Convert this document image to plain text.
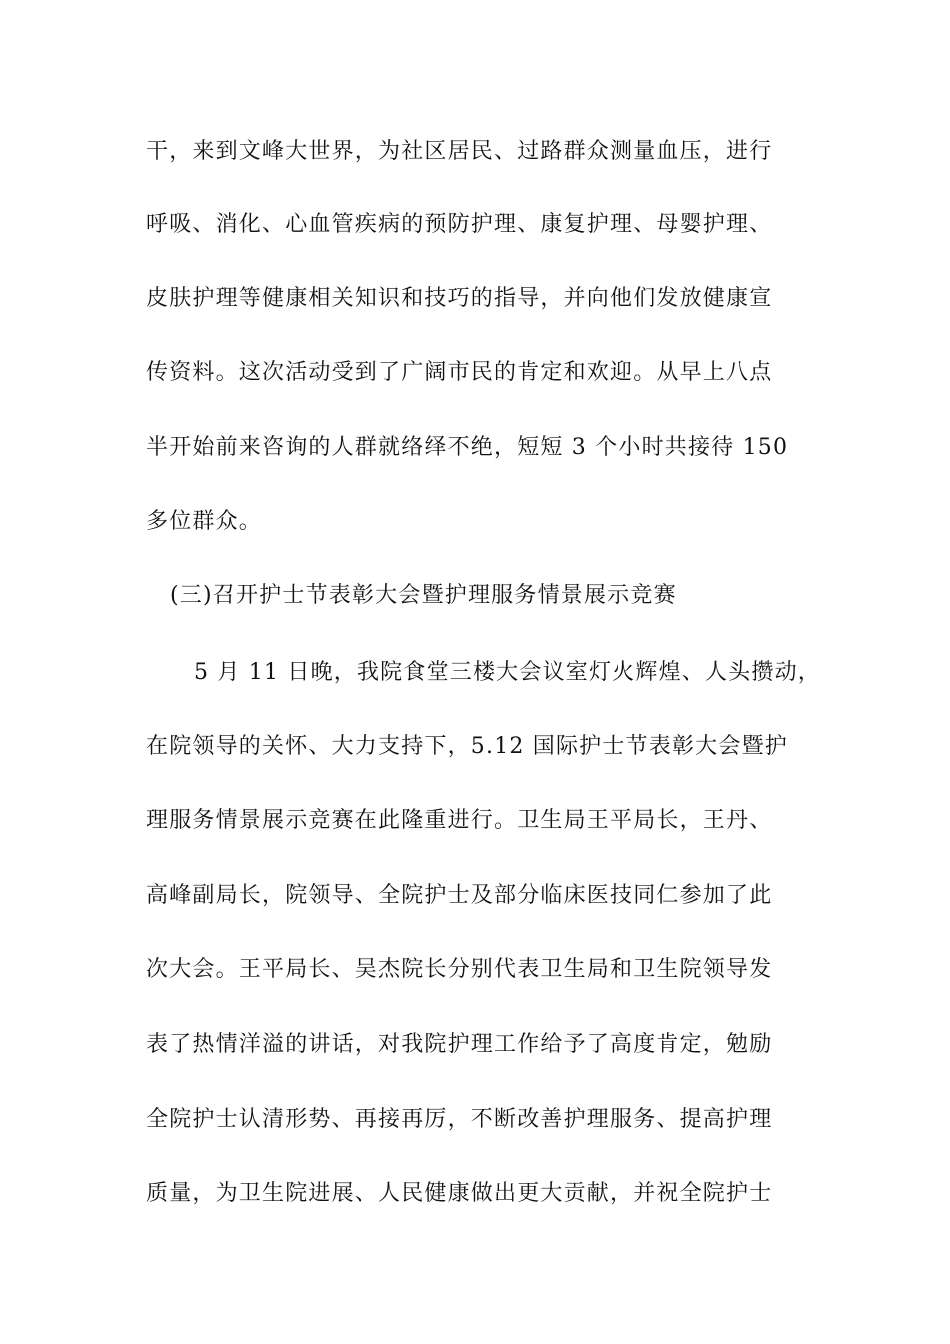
干，来到文峰大世界，为社区居民、过路群众测量血压，进行
呼吸、消化、心血管疾病的预防护理、康复护理、母婴护理、
皮肤护理等健康相关知识和技巧的指导，并向他们发放健康宣
传资料。这次活动受到了广阔市民的肯定和欢迎。从早上八点
半开始前来咨询的人群就络绎不绝，短短 3 个小时共接待 150
多位群众。
(三)召开护士节表彰大会暨护理服务情景展示竞赛
5 月 11 日晚，我院食堂三楼大会议室灯火辉煌、人头攒动，
在院领导的关怀、大力支持下，5.12 国际护士节表彰大会暨护
理服务情景展示竞赛在此隆重进行。卫生局王平局长，王丹、
高峰副局长，院领导、全院护士及部分临床医技同仁参加了此
次大会。王平局长、吴杰院长分别代表卫生局和卫生院领导发
表了热情洋溢的讲话，对我院护理工作给予了高度肯定，勉励
全院护士认清形势、再接再厉，不断改善护理服务、提高护理
质量，为卫生院进展、人民健康做出更大贡献，并祝全院护士
